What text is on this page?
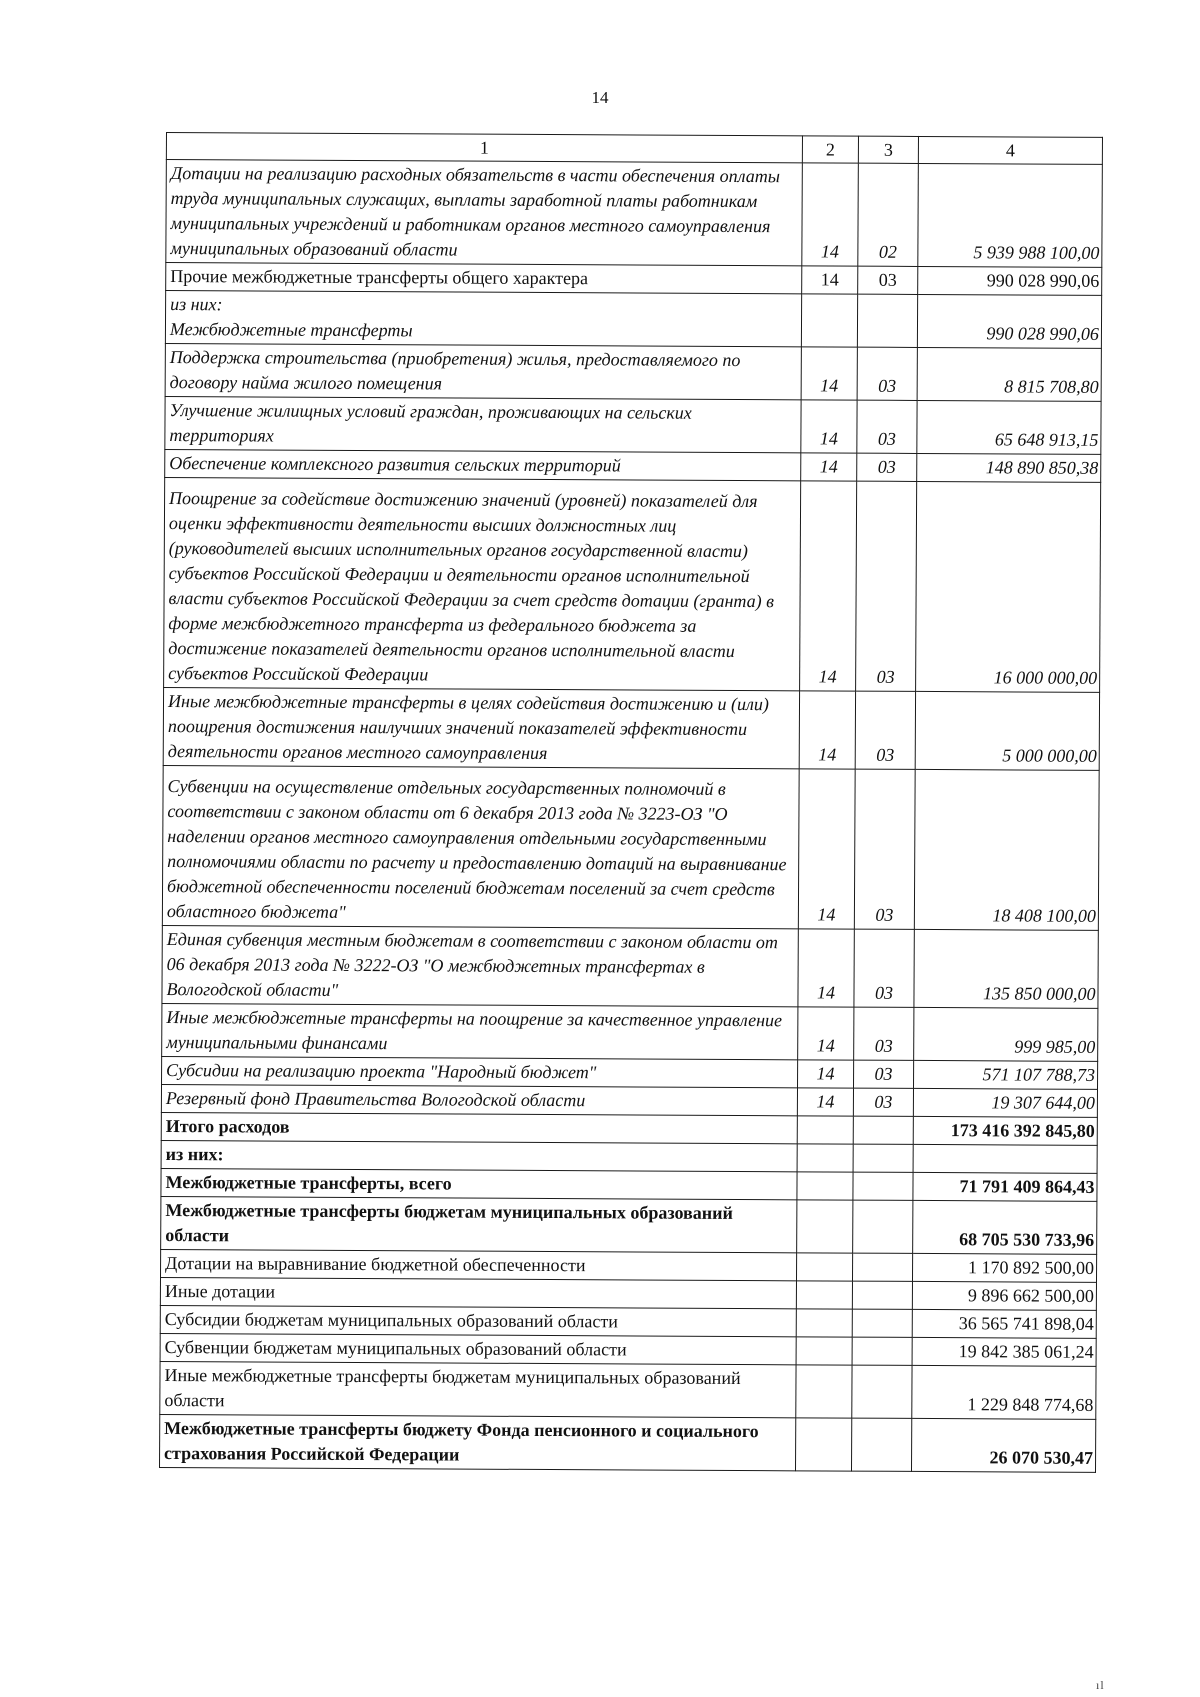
14
1	2	3	4
Дотации на реализацию расходных обязательств в части обеспечения оплаты труда муниципальных служащих, выплаты заработной платы работникам муниципальных учреждений и работникам органов местного самоуправления муниципальных образований области	14	02	5 939 988 100,00
Прочие межбюджетные трансферты общего характера	14	03	990 028 990,06
из них:
Межбюджетные трансферты			990 028 990,06
Поддержка строительства (приобретения) жилья, предоставляемого по договору найма жилого помещения	14	03	8 815 708,80
Улучшение жилищных условий граждан, проживающих на сельских территориях	14	03	65 648 913,15
Обеспечение комплексного развития сельских территорий	14	03	148 890 850,38
Поощрение за содействие достижению значений (уровней) показателей для оценки эффективности деятельности высших должностных лиц (руководителей высших исполнительных органов государственной власти) субъектов Российской Федерации и деятельности органов исполнительной власти субъектов Российской Федерации за счет средств дотации (гранта) в форме межбюджетного трансферта из федерального бюджета за достижение показателей деятельности органов исполнительной власти субъектов Российской Федерации	14	03	16 000 000,00
Иные межбюджетные трансферты в целях содействия достижению и (или) поощрения достижения наилучших значений показателей эффективности деятельности органов местного самоуправления	14	03	5 000 000,00
Субвенции на осуществление отдельных государственных полномочий в соответствии с законом области от 6 декабря 2013 года № 3223-ОЗ "О наделении органов местного самоуправления отдельными государственными полномочиями области по расчету и предоставлению дотаций на выравнивание бюджетной обеспеченности поселений бюджетам поселений за счет средств областного бюджета"	14	03	18 408 100,00
Единая субвенция местным бюджетам в соответствии с законом области от 06 декабря 2013 года № 3222-ОЗ "О межбюджетных трансфертах в Вологодской области"	14	03	135 850 000,00
Иные межбюджетные трансферты на поощрение за качественное управление муниципальными финансами	14	03	999 985,00
Субсидии на реализацию проекта "Народный бюджет"	14	03	571 107 788,73
Резервный фонд Правительства Вологодской области	14	03	19 307 644,00
Итого расходов			173 416 392 845,80
из них:			
Межбюджетные трансферты, всего			71 791 409 864,43
Межбюджетные трансферты бюджетам муниципальных образований области			68 705 530 733,96
Дотации на выравнивание бюджетной обеспеченности			1 170 892 500,00
Иные дотации			9 896 662 500,00
Субсидии бюджетам муниципальных образований области			36 565 741 898,04
Субвенции бюджетам муниципальных образований области			19 842 385 061,24
Иные межбюджетные трансферты бюджетам муниципальных образований области			1 229 848 774,68
Межбюджетные трансферты бюджету Фонда пенсионного и социального страхования Российской Федерации			26 070 530,47
ıl
